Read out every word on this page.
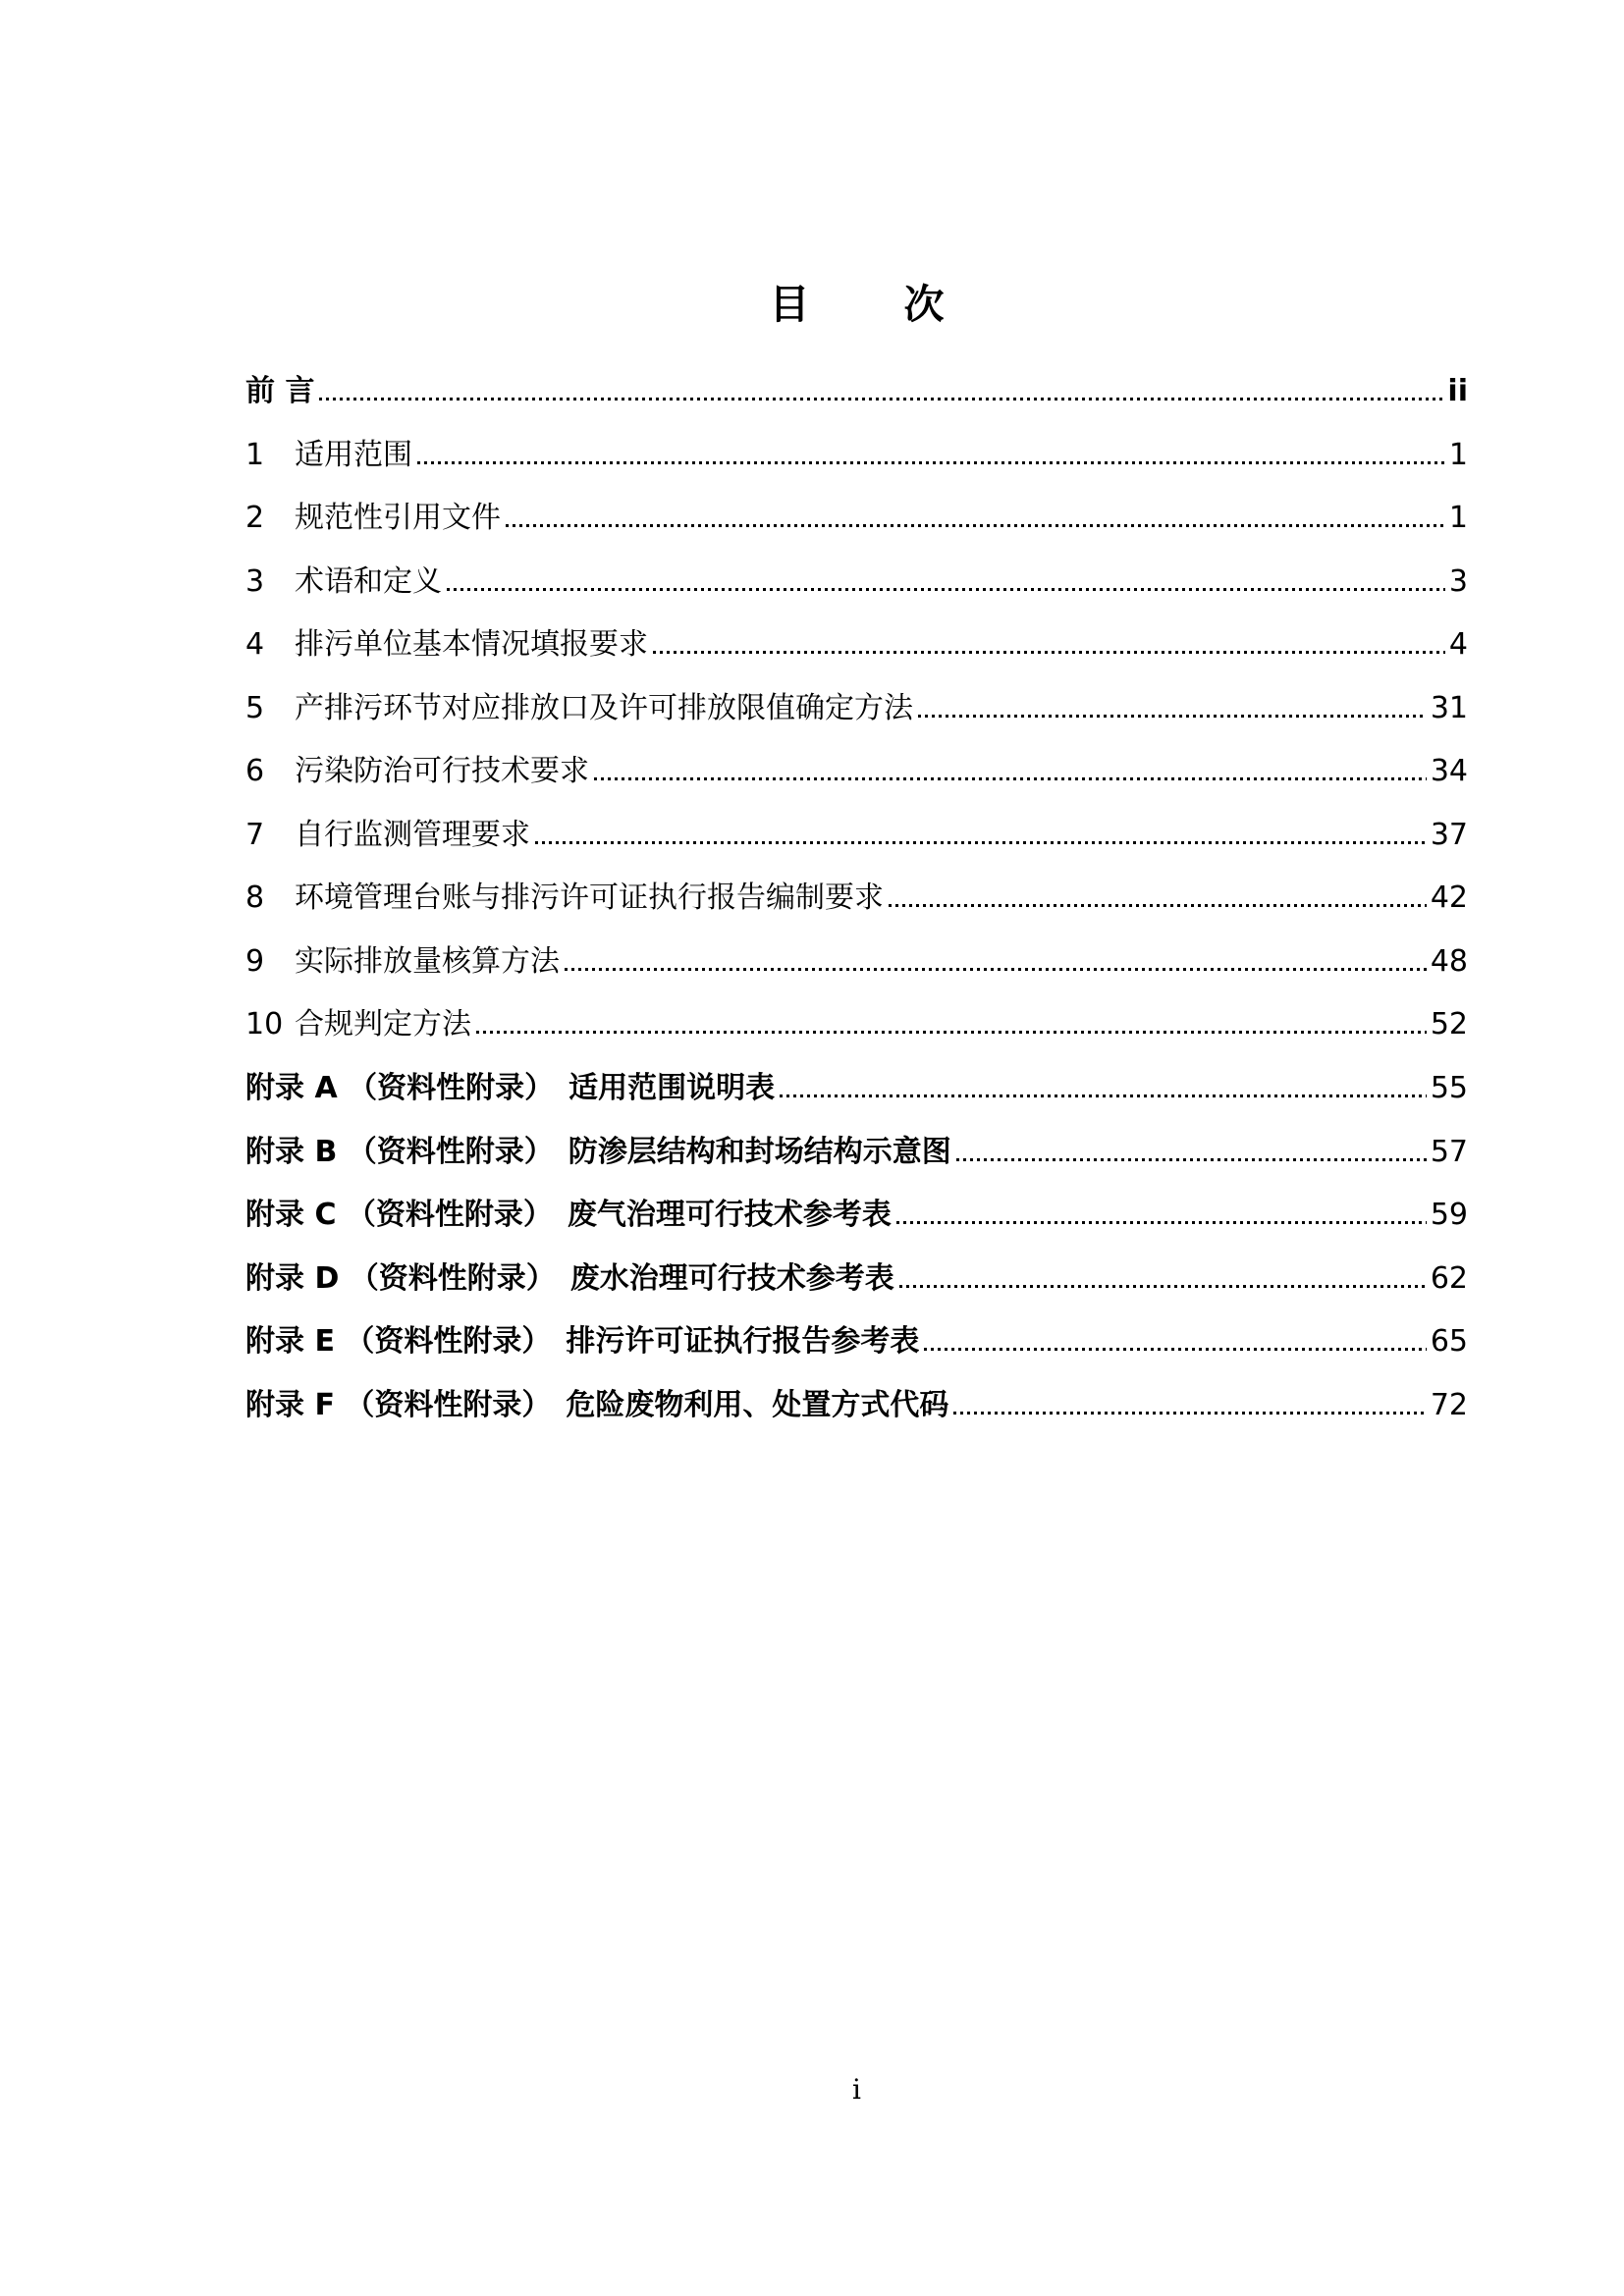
目 次
前 言	ii
1	适用范围	1
2	规范性引用文件	1
3	术语和定义	3
4	排污单位基本情况填报要求	4
5	产排污环节对应排放口及许可排放限值确定方法	31
6	污染防治可行技术要求	34
7	自行监测管理要求	37
8	环境管理台账与排污许可证执行报告编制要求	42
9	实际排放量核算方法	48
10 合规判定方法	52
附录 A （资料性附录）　适用范围说明表	55
附录 B （资料性附录）　防渗层结构和封场结构示意图	57
附录 C （资料性附录）　废气治理可行技术参考表	59
附录 D （资料性附录）　废水治理可行技术参考表	62
附录 E （资料性附录）　排污许可证执行报告参考表	65
附录 F （资料性附录）　危险废物利用、处置方式代码	72
i
